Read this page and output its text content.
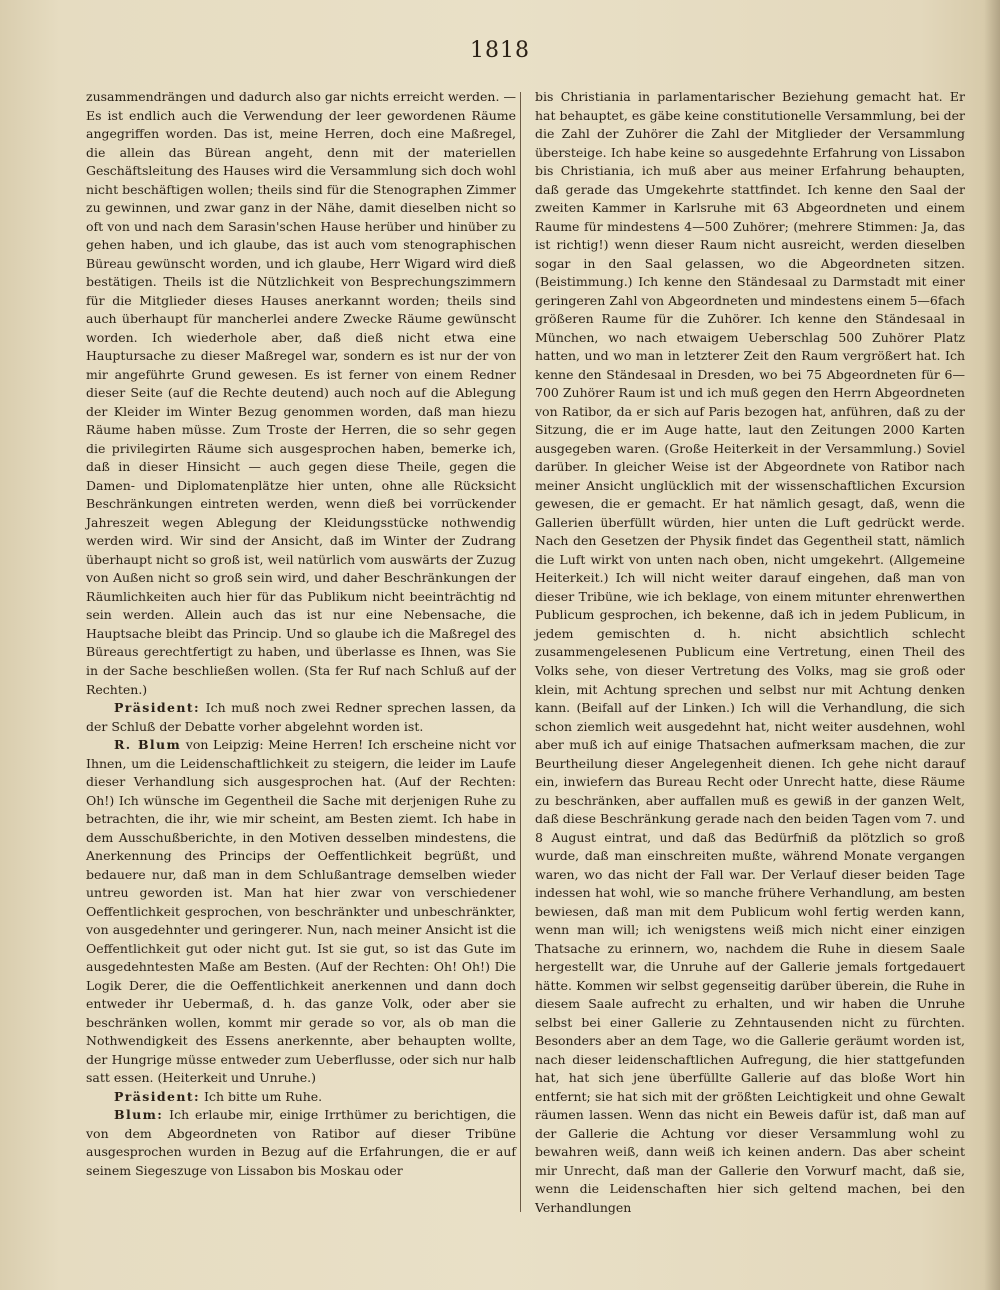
1818

zusammendrängen und dadurch also gar nichts erreicht werden. — Es ist endlich auch die Verwendung der leer gewordenen Räume angegriffen worden. Das ist, meine Herren, doch eine Maßregel, die allein das Bürean angeht, denn mit der materiellen Geschäftsleitung des Hauses wird die Versammlung sich doch wohl nicht beschäftigen wollen; theils sind für die Stenographen Zimmer zu gewinnen, und zwar ganz in der Nähe, damit dieselben nicht so oft von und nach dem Sarasin'schen Hause herüber und hinüber zu gehen haben, und ich glaube, das ist auch vom stenographischen Büreau gewünscht worden, und ich glaube, Herr Wigard wird dieß bestätigen. Theils ist die Nützlichkeit von Besprechungszimmern für die Mitglieder dieses Hauses anerkannt worden; theils sind auch überhaupt für mancherlei andere Zwecke Räume gewünscht worden. Ich wiederhole aber, daß dieß nicht etwa eine Hauptursache zu dieser Maßregel war, sondern es ist nur der von mir angeführte Grund gewesen. Es ist ferner von einem Redner dieser Seite (auf die Rechte deutend) auch noch auf die Ablegung der Kleider im Winter Bezug genommen worden, daß man hiezu Räume haben müsse. Zum Troste der Herren, die so sehr gegen die privilegirten Räume sich ausgesprochen haben, bemerke ich, daß in dieser Hinsicht — auch gegen diese Theile, gegen die Damen- und Diplomatenplätze hier unten, ohne alle Rücksicht Beschränkungen eintreten werden, wenn dieß bei vorrückender Jahreszeit wegen Ablegung der Kleidungsstücke nothwendig werden wird. Wir sind der Ansicht, daß im Winter der Zudrang überhaupt nicht so groß ist, weil natürlich vom auswärts der Zuzug von Außen nicht so groß sein wird, und daher Beschränkungen der Räumlichkeiten auch hier für das Publikum nicht beeinträchtig nd sein werden. Allein auch das ist nur eine Nebensache, die Hauptsache bleibt das Princip. Und so glaube ich die Maßregel des Büreaus gerechtfertigt zu haben, und überlasse es Ihnen, was Sie in der Sache beschließen wollen. (Sta fer Ruf nach Schluß auf der Rechten.)

Präsident: Ich muß noch zwei Redner sprechen lassen, da der Schluß der Debatte vorher abgelehnt worden ist.

R. Blum von Leipzig: Meine Herren! Ich erscheine nicht vor Ihnen, um die Leidenschaftlichkeit zu steigern, die leider im Laufe dieser Verhandlung sich ausgesprochen hat. (Auf der Rechten: Oh!) Ich wünsche im Gegentheil die Sache mit derjenigen Ruhe zu betrachten, die ihr, wie mir scheint, am Besten ziemt. Ich habe in dem Ausschußberichte, in den Motiven desselben mindestens, die Anerkennung des Princips der Oeffentlichkeit begrüßt, und bedauere nur, daß man in dem Schlußantrage demselben wieder untreu geworden ist. Man hat hier zwar von verschiedener Oeffentlichkeit gesprochen, von beschränkter und unbeschränkter, von ausgedehnter und geringerer. Nun, nach meiner Ansicht ist die Oeffentlichkeit gut oder nicht gut. Ist sie gut, so ist das Gute im ausgedehntesten Maße am Besten. (Auf der Rechten: Oh! Oh!) Die Logik Derer, die die Oeffentlichkeit anerkennen und dann doch entweder ihr Uebermaß, d. h. das ganze Volk, oder aber sie beschränken wollen, kommt mir gerade so vor, als ob man die Nothwendigkeit des Essens anerkennte, aber behaupten wollte, der Hungrige müsse entweder zum Ueberflusse, oder sich nur halb satt essen. (Heiterkeit und Unruhe.)

Präsident: Ich bitte um Ruhe.

Blum: Ich erlaube mir, einige Irrthümer zu berichtigen, die von dem Abgeordneten von Ratibor auf dieser Tribüne ausgesprochen wurden in Bezug auf die Erfahrungen, die er auf seinem Siegeszuge von Lissabon bis Moskau oder

bis Christiania in parlamentarischer Beziehung gemacht hat. Er hat behauptet, es gäbe keine constitutionelle Versammlung, bei der die Zahl der Zuhörer die Zahl der Mitglieder der Versammlung übersteige. Ich habe keine so ausgedehnte Erfahrung von Lissabon bis Christiania, ich muß aber aus meiner Erfahrung behaupten, daß gerade das Umgekehrte stattfindet. Ich kenne den Saal der zweiten Kammer in Karlsruhe mit 63 Abgeordneten und einem Raume für mindestens 4—500 Zuhörer; (mehrere Stimmen: Ja, das ist richtig!) wenn dieser Raum nicht ausreicht, werden dieselben sogar in den Saal gelassen, wo die Abgeordneten sitzen. (Beistimmung.) Ich kenne den Ständesaal zu Darmstadt mit einer geringeren Zahl von Abgeordneten und mindestens einem 5—6fach größeren Raume für die Zuhörer. Ich kenne den Ständesaal in München, wo nach etwaigem Ueberschlag 500 Zuhörer Platz hatten, und wo man in letzterer Zeit den Raum vergrößert hat. Ich kenne den Ständesaal in Dresden, wo bei 75 Abgeordneten für 6—700 Zuhörer Raum ist und ich muß gegen den Herrn Abgeordneten von Ratibor, da er sich auf Paris bezogen hat, anführen, daß zu der Sitzung, die er im Auge hatte, laut den Zeitungen 2000 Karten ausgegeben waren. (Große Heiterkeit in der Versammlung.) Soviel darüber. In gleicher Weise ist der Abgeordnete von Ratibor nach meiner Ansicht unglücklich mit der wissenschaftlichen Excursion gewesen, die er gemacht. Er hat nämlich gesagt, daß, wenn die Gallerien überfüllt würden, hier unten die Luft gedrückt werde. Nach den Gesetzen der Physik findet das Gegentheil statt, nämlich die Luft wirkt von unten nach oben, nicht umgekehrt. (Allgemeine Heiterkeit.) Ich will nicht weiter darauf eingehen, daß man von dieser Tribüne, wie ich beklage, von einem mitunter ehrenwerthen Publicum gesprochen, ich bekenne, daß ich in jedem Publicum, in jedem gemischten d. h. nicht absichtlich schlecht zusammengelesenen Publicum eine Vertretung, einen Theil des Volks sehe, von dieser Vertretung des Volks, mag sie groß oder klein, mit Achtung sprechen und selbst nur mit Achtung denken kann. (Beifall auf der Linken.) Ich will die Verhandlung, die sich schon ziemlich weit ausgedehnt hat, nicht weiter ausdehnen, wohl aber muß ich auf einige Thatsachen aufmerksam machen, die zur Beurtheilung dieser Angelegenheit dienen. Ich gehe nicht darauf ein, inwiefern das Bureau Recht oder Unrecht hatte, diese Räume zu beschränken, aber auffallen muß es gewiß in der ganzen Welt, daß diese Beschränkung gerade nach den beiden Tagen vom 7. und 8 August eintrat, und daß das Bedürfniß da plötzlich so groß wurde, daß man einschreiten mußte, während Monate vergangen waren, wo das nicht der Fall war. Der Verlauf dieser beiden Tage indessen hat wohl, wie so manche frühere Verhandlung, am besten bewiesen, daß man mit dem Publicum wohl fertig werden kann, wenn man will; ich wenigstens weiß mich nicht einer einzigen Thatsache zu erinnern, wo, nachdem die Ruhe in diesem Saale hergestellt war, die Unruhe auf der Gallerie jemals fortgedauert hätte. Kommen wir selbst gegenseitig darüber überein, die Ruhe in diesem Saale aufrecht zu erhalten, und wir haben die Unruhe selbst bei einer Gallerie zu Zehntausenden nicht zu fürchten. Besonders aber an dem Tage, wo die Gallerie geräumt worden ist, nach dieser leidenschaftlichen Aufregung, die hier stattgefunden hat, hat sich jene überfüllte Gallerie auf das bloße Wort hin entfernt; sie hat sich mit der größten Leichtigkeit und ohne Gewalt räumen lassen. Wenn das nicht ein Beweis dafür ist, daß man auf der Gallerie die Achtung vor dieser Versammlung wohl zu bewahren weiß, dann weiß ich keinen andern. Das aber scheint mir Unrecht, daß man der Gallerie den Vorwurf macht, daß sie, wenn die Leidenschaften hier sich geltend machen, bei den Verhandlungen
